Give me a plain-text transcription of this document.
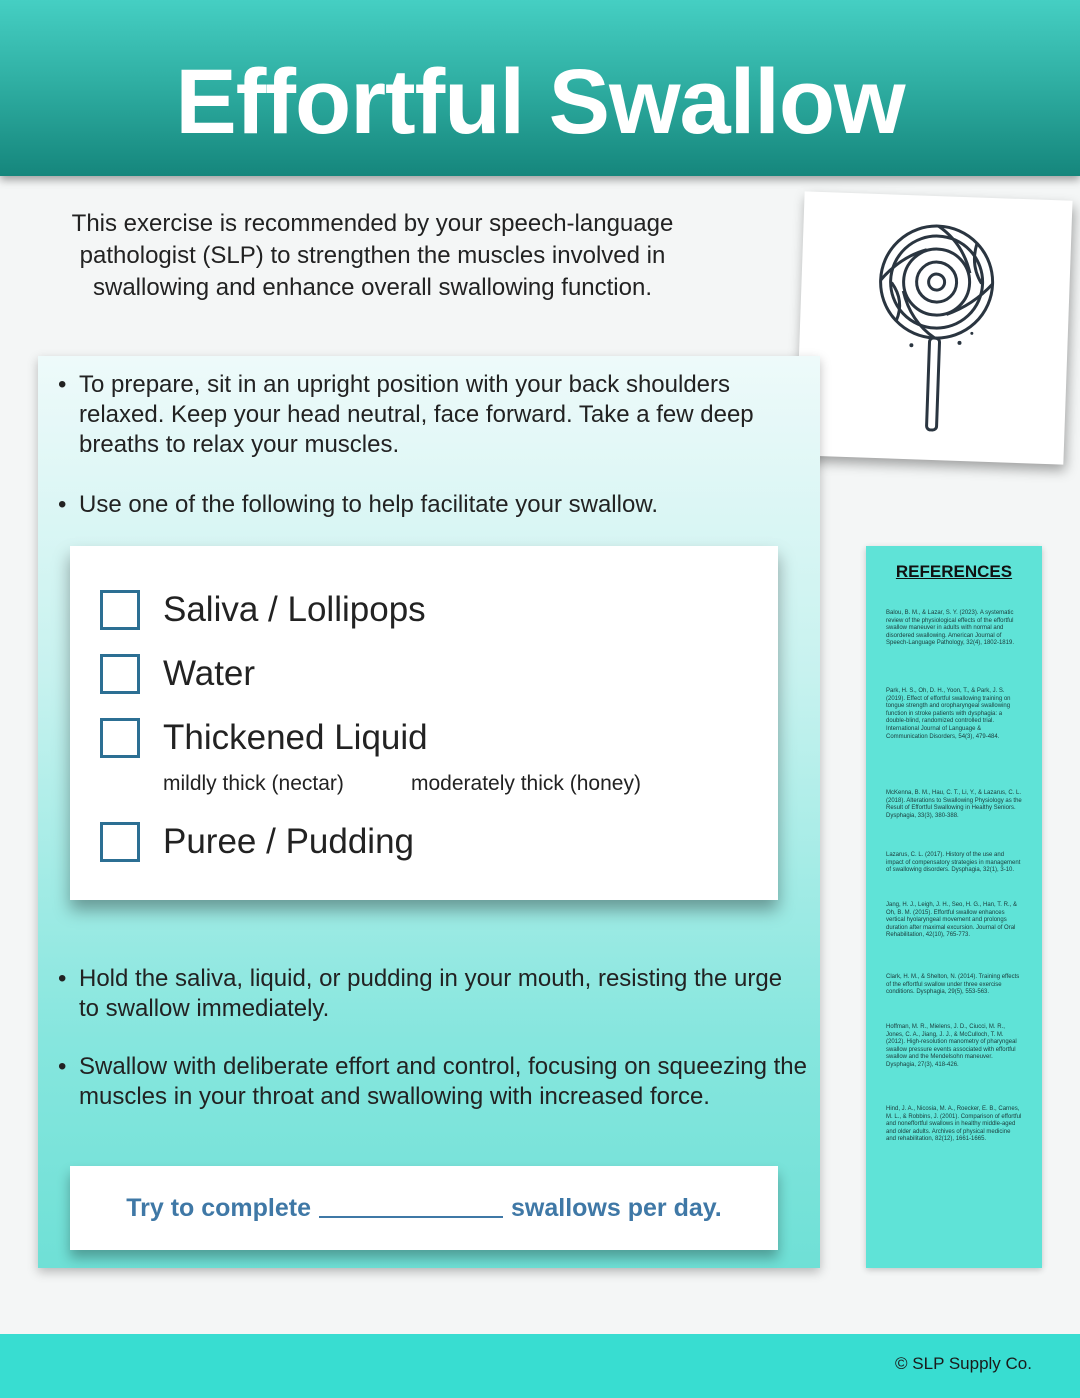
Effortful Swallow
This exercise is recommended by your speech-language pathologist (SLP) to strengthen the muscles involved in swallowing and enhance overall swallowing function.
• To prepare, sit in an upright position with your back shoulders relaxed. Keep your head neutral, face forward. Take a few deep breaths to relax your muscles.
• Use one of the following to help facilitate your swallow.
Saliva / Lollipops
Water
Thickened Liquid
mildly thick (nectar)	moderately thick (honey)
Puree / Pudding
• Hold the saliva, liquid, or pudding in your mouth, resisting the urge to swallow immediately.
• Swallow with deliberate effort and control, focusing on squeezing the muscles in your throat and swallowing with increased force.
Try to complete	swallows per day.
REFERENCES
Balou, B. M., & Lazar, S. Y. (2023). A systematic review of the physiological effects of the effortful swallow maneuver in adults with normal and disordered swallowing. American Journal of Speech-Language Pathology, 32(4), 1802-1819.
Park, H. S., Oh, D. H., Yoon, T., & Park, J. S. (2019). Effect of effortful swallowing training on tongue strength and oropharyngeal swallowing function in stroke patients with dysphagia: a double-blind, randomized controlled trial. International Journal of Language & Communication Disorders, 54(3), 479-484.
McKenna, B. M., Hau, C. T., Li, Y., & Lazarus, C. L. (2018). Alterations to Swallowing Physiology as the Result of Effortful Swallowing in Healthy Seniors. Dysphagia, 33(3), 380-388.
Lazarus, C. L. (2017). History of the use and impact of compensatory strategies in management of swallowing disorders. Dysphagia, 32(1), 3-10.
Jang, H. J., Leigh, J. H., Seo, H. G., Han, T. R., & Oh, B. M. (2015). Effortful swallow enhances vertical hyolaryngeal movement and prolongs duration after maximal excursion. Journal of Oral Rehabilitation, 42(10), 765-773.
Clark, H. M., & Shelton, N. (2014). Training effects of the effortful swallow under three exercise conditions. Dysphagia, 29(5), 553-563.
Hoffman, M. R., Mielens, J. D., Ciucci, M. R., Jones, C. A., Jiang, J. J., & McCulloch, T. M. (2012). High-resolution manometry of pharyngeal swallow pressure events associated with effortful swallow and the Mendelsohn maneuver. Dysphagia, 27(3), 418-426.
Hind, J. A., Nicosia, M. A., Roecker, E. B., Carnes, M. L., & Robbins, J. (2001). Comparison of effortful and noneffortful swallows in healthy middle-aged and older adults. Archives of physical medicine and rehabilitation, 82(12), 1661-1665.
© SLP Supply Co.
